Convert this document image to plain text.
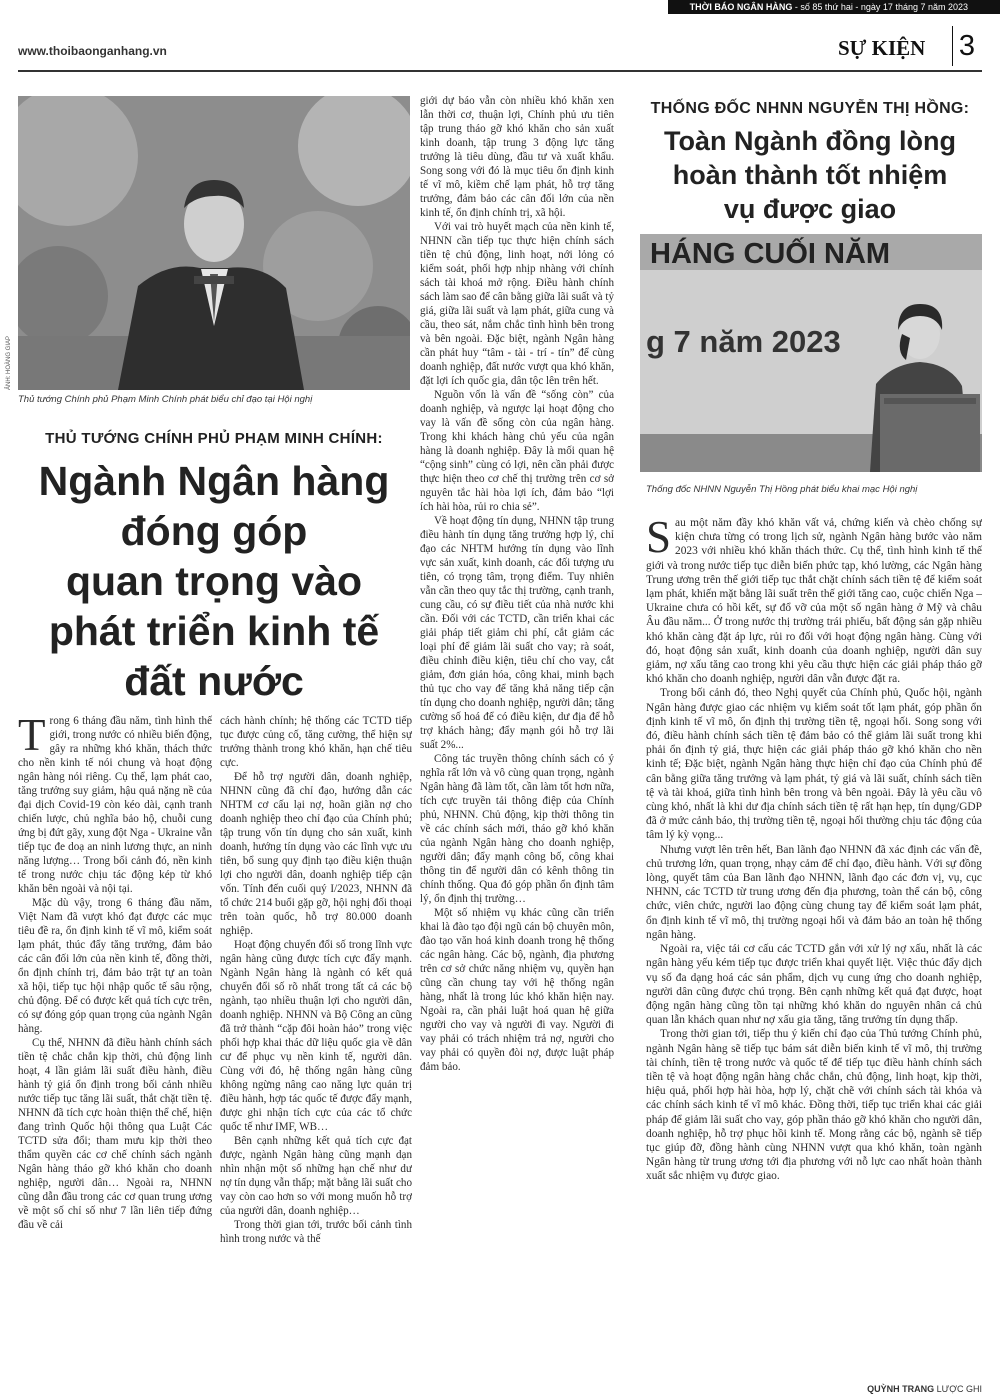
THỜI BÁO NGÂN HÀNG - số 85 thứ hai - ngày 17 tháng 7 năm 2023
www.thoibaonganhang.vn	SỰ KIỆN 3
ẢNH: HOÀNG GIAP
Thủ tướng Chính phủ Phạm Minh Chính phát biểu chỉ đạo tại Hội nghị
THỦ TƯỚNG CHÍNH PHỦ PHẠM MINH CHÍNH:
Ngành Ngân hàng
đóng góp
quan trọng vào
phát triển kinh tế
đất nước

Trong 6 tháng đầu năm, tình hình thế giới, trong nước có nhiều biến động, gây ra những khó khăn, thách thức cho nền kinh tế nói chung và hoạt động ngân hàng nói riêng. Cụ thể, lạm phát cao, tăng trưởng suy giảm, hậu quả nặng nề của đại dịch Covid-19 còn kéo dài, cạnh tranh chiến lược, chủ nghĩa bảo hộ, chuỗi cung ứng bị đứt gãy, xung đột Nga - Ukraine vẫn tiếp tục đe doạ an ninh lương thực, an ninh năng lượng… Trong bối cảnh đó, nền kinh tế trong nước chịu tác động kép từ khó khăn bên ngoài và nội tại.

Mặc dù vậy, trong 6 tháng đầu năm, Việt Nam đã vượt khó đạt được các mục tiêu đề ra, ổn định kinh tế vĩ mô, kiểm soát lạm phát, thúc đẩy tăng trưởng, đảm bảo các cân đối lớn của nền kinh tế, đồng thời, ổn định chính trị, đảm bảo trật tự an toàn xã hội, tiếp tục hội nhập quốc tế sâu rộng, chủ động. Để có được kết quả tích cực trên, có sự đóng góp quan trọng của ngành Ngân hàng.

Cụ thể, NHNN đã điều hành chính sách tiền tệ chắc chắn kịp thời, chủ động linh hoạt, 4 lần giảm lãi suất điều hành, điều hành tỷ giá ổn định trong bối cảnh nhiều nước tiếp tục tăng lãi suất, thắt chặt tiền tệ. NHNN đã tích cực hoàn thiện thể chế, hiện đang trình Quốc hội thông qua Luật Các TCTD sửa đổi; tham mưu kịp thời theo thẩm quyền các cơ chế chính sách ngành Ngân hàng tháo gỡ khó khăn cho doanh nghiệp, người dân… Ngoài ra, NHNN cũng dẫn đầu trong các cơ quan trung ương về một số chỉ số như 7 lần liên tiếp đứng đầu về cải

cách hành chính; hệ thống các TCTD tiếp tục được củng cố, tăng cường, thể hiện sự trưởng thành trong khó khăn, hạn chế tiêu cực.

Để hỗ trợ người dân, doanh nghiệp, NHNN cũng đã chỉ đạo, hướng dẫn các NHTM cơ cấu lại nợ, hoãn giãn nợ cho doanh nghiệp theo chỉ đạo của Chính phủ; tập trung vốn tín dụng cho sản xuất, kinh doanh, hướng tín dụng vào các lĩnh vực ưu tiên, bổ sung quy định tạo điều kiện thuận lợi cho người dân, doanh nghiệp tiếp cận vốn. Tính đến cuối quý I/2023, NHNN đã tổ chức 214 buổi gặp gỡ, hội nghị đối thoại trên toàn quốc, hỗ trợ 80.000 doanh nghiệp.

Hoạt động chuyển đổi số trong lĩnh vực ngân hàng cũng được tích cực đẩy mạnh. Ngành Ngân hàng là ngành có kết quả chuyển đổi số rõ nhất trong tất cả các bộ ngành, tạo nhiều thuận lợi cho người dân, doanh nghiệp. NHNN và Bộ Công an cũng đã trở thành “cặp đôi hoàn hảo” trong việc phối hợp khai thác dữ liệu quốc gia về dân cư để phục vụ nền kinh tế, người dân. Cùng với đó, hệ thống ngân hàng cũng không ngừng nâng cao năng lực quản trị điều hành, hợp tác quốc tế được đẩy mạnh, được ghi nhận tích cực của các tổ chức quốc tế như IMF, WB…

Bên cạnh những kết quả tích cực đạt được, ngành Ngân hàng cũng mạnh dạn nhìn nhận một số những hạn chế như dư nợ tín dụng vẫn thấp; mặt bằng lãi suất cho vay còn cao hơn so với mong muốn hỗ trợ của người dân, doanh nghiệp…

Trong thời gian tới, trước bối cảnh tình hình trong nước và thế

giới dự báo vẫn còn nhiều khó khăn xen lẫn thời cơ, thuận lợi, Chính phủ ưu tiên tập trung tháo gỡ khó khăn cho sản xuất kinh doanh, tập trung 3 động lực tăng trưởng là tiêu dùng, đầu tư và xuất khẩu. Song song với đó là mục tiêu ổn định kinh tế vĩ mô, kiềm chế lạm phát, hỗ trợ tăng trưởng, đảm bảo các cân đối lớn của nền kinh tế, ổn định chính trị, xã hội.

Với vai trò huyết mạch của nền kinh tế, NHNN cần tiếp tục thực hiện chính sách tiền tệ chủ động, linh hoạt, nới lỏng có kiểm soát, phối hợp nhịp nhàng với chính sách tài khoá mở rộng. Điều hành chính sách làm sao để cân bằng giữa lãi suất và tỷ giá, giữa lãi suất và lạm phát, giữa cung và cầu, theo sát, nắm chắc tình hình bên trong và bên ngoài. Đặc biệt, ngành Ngân hàng cần phát huy “tâm - tài - trí - tín” để cùng doanh nghiệp, đất nước vượt qua khó khăn, đặt lợi ích quốc gia, dân tộc lên trên hết.

Nguồn vốn là vấn đề “sống còn” của doanh nghiệp, và ngược lại hoạt động cho vay là vấn đề sống còn của ngân hàng. Trong khi khách hàng chủ yếu của ngân hàng là doanh nghiệp. Đây là mối quan hệ “cộng sinh” cùng có lợi, nên cần phải được thực hiện theo cơ chế thị trường trên cơ sở nguyên tắc hài hòa lợi ích, đảm bảo “lợi ích hài hòa, rủi ro chia sẻ”.

Về hoạt động tín dụng, NHNN tập trung điều hành tín dụng tăng trưởng hợp lý, chỉ đạo các NHTM hướng tín dụng vào lĩnh vực sản xuất, kinh doanh, các đối tượng ưu tiên, có trọng tâm, trọng điểm. Tuy nhiên vẫn cần theo quy tắc thị trường, cạnh tranh, cung cầu, có sự điều tiết của nhà nước khi cần. Đối với các TCTD, cần triển khai các giải pháp tiết giảm chi phí, cắt giảm các loại phí để giảm lãi suất cho vay; rà soát, điều chỉnh điều kiện, tiêu chí cho vay, cắt giảm, đơn giản hóa, công khai, minh bạch thủ tục cho vay để tăng khả năng tiếp cận tín dụng cho doanh nghiệp, người dân; tăng cường số hoá để có điều kiện, dư địa để hỗ trợ khách hàng; đẩy mạnh gói hỗ trợ lãi suất 2%...

Công tác truyền thông chính sách có ý nghĩa rất lớn và vô cùng quan trọng, ngành Ngân hàng đã làm tốt, cần làm tốt hơn nữa, tích cực truyền tải thông điệp của Chính phủ, NHNN. Chủ động, kịp thời thông tin về các chính sách mới, tháo gỡ khó khăn của ngành Ngân hàng cho doanh nghiệp, người dân; đẩy mạnh công bố, công khai thông tin để người dân có kênh thông tin chính thống. Qua đó góp phần ổn định tâm lý, ổn định thị trường…

Một số nhiệm vụ khác cũng cần triển khai là đào tạo đội ngũ cán bộ chuyên môn, đào tạo văn hoá kinh doanh trong hệ thống các ngân hàng. Các bộ, ngành, địa phương trên cơ sở chức năng nhiệm vụ, quyền hạn cũng cần chung tay với hệ thống ngân hàng, nhất là trong lúc khó khăn hiện nay. Ngoài ra, cần phải luật hoá quan hệ giữa người cho vay và người đi vay. Người đi vay phải có trách nhiệm trả nợ, người cho vay phải có quyền đòi nợ, được luật pháp đảm bảo.

THỐNG ĐỐC NHNN NGUYỄN THỊ HỒNG:
Toàn Ngành đồng lòng
hoàn thành tốt nhiệm
vụ được giao
HÁNG CUỐI NĂM
g 7 năm 2023
Thống đốc NHNN Nguyễn Thị Hồng phát biểu khai mạc Hội nghị

Sau một năm đầy khó khăn vất vả, chứng kiến và chèo chống sự kiện chưa từng có trong lịch sử, ngành Ngân hàng bước vào năm 2023 với nhiều khó khăn thách thức. Cụ thể, tình hình kinh tế thế giới và trong nước tiếp tục diễn biến phức tạp, khó lường, các Ngân hàng Trung ương trên thế giới tiếp tục thắt chặt chính sách tiền tệ để kiểm soát lạm phát, khiến mặt bằng lãi suất trên thế giới tăng cao, cuộc chiến Nga – Ukraine chưa có hồi kết, sự đổ vỡ của một số ngân hàng ở Mỹ và châu Âu đầu năm... Ở trong nước thị trường trái phiếu, bất động sản gặp nhiều khó khăn càng đặt áp lực, rủi ro đối với hoạt động ngân hàng. Cùng với đó, hoạt động sản xuất, kinh doanh của doanh nghiệp, người dân suy giảm, nợ xấu tăng cao trong khi yêu cầu thực hiện các giải pháp tháo gỡ khó khăn cho doanh nghiệp, người dân vẫn được đặt ra.

Trong bối cảnh đó, theo Nghị quyết của Chính phủ, Quốc hội, ngành Ngân hàng được giao các nhiệm vụ kiểm soát tốt lạm phát, góp phần ổn định kinh tế vĩ mô, ổn định thị trường tiền tệ, ngoại hối. Song song với đó, điều hành chính sách tiền tệ đảm bảo có thể giảm lãi suất trong khi phải ổn định tỷ giá, thực hiện các giải pháp tháo gỡ khó khăn cho nền kinh tế; Đặc biệt, ngành Ngân hàng thực hiện chỉ đạo của Chính phủ để cân bằng giữa tăng trưởng và lạm phát, tỷ giá và lãi suất, chính sách tiền tệ và tài khoá, giữa tình hình bên trong và bên ngoài. Đây là yêu cầu vô cùng khó, nhất là khi dư địa chính sách tiền tệ rất hạn hẹp, tín dụng/GDP đã ở mức cảnh báo, thị trường tiền tệ, ngoại hối thường chịu tác động của tâm lý kỳ vọng...

Nhưng vượt lên trên hết, Ban lãnh đạo NHNN đã xác định các vấn đề, chủ trương lớn, quan trọng, nhạy cảm để chỉ đạo, điều hành. Với sự đồng lòng, quyết tâm của Ban lãnh đạo NHNN, lãnh đạo các đơn vị, vụ, cục NHNN, các TCTD từ trung ương đến địa phương, toàn thể cán bộ, công chức, viên chức, người lao động cùng chung tay để kiểm soát lạm phát, ổn định kinh tế vĩ mô, thị trường ngoại hối và đảm bảo an toàn hệ thống ngân hàng.

Ngoài ra, việc tái cơ cấu các TCTD gắn với xử lý nợ xấu, nhất là các ngân hàng yếu kém tiếp tục được triển khai quyết liệt. Việc thúc đẩy dịch vụ số đa dạng hoá các sản phẩm, dịch vụ cung ứng cho doanh nghiệp, người dân cũng được chú trọng. Bên cạnh những kết quả đạt được, hoạt động ngân hàng cũng tồn tại những khó khăn do nguyên nhân cả chủ quan lẫn khách quan như nợ xấu gia tăng, tăng trưởng tín dụng thấp.

Trong thời gian tới, tiếp thu ý kiến chỉ đạo của Thủ tướng Chính phủ, ngành Ngân hàng sẽ tiếp tục bám sát diễn biến kinh tế vĩ mô, thị trường tài chính, tiền tệ trong nước và quốc tế để tiếp tục điều hành chính sách tiền tệ và hoạt động ngân hàng chắc chắn, chủ động, linh hoạt, kịp thời, hiệu quả, phối hợp hài hòa, hợp lý, chặt chẽ với chính sách tài khóa và các chính sách kinh tế vĩ mô khác. Đồng thời, tiếp tục triển khai các giải pháp để giảm lãi suất cho vay, góp phần tháo gỡ khó khăn cho người dân, doanh nghiệp, hỗ trợ phục hồi kinh tế. Mong rằng các bộ, ngành sẽ tiếp tục giúp đỡ, đồng hành cùng NHNN vượt qua khó khăn, toàn ngành Ngân hàng từ trung ương tới địa phương với nỗ lực cao nhất hoàn thành xuất sắc nhiệm vụ được giao.

QUỲNH TRANG LƯỢC GHI
